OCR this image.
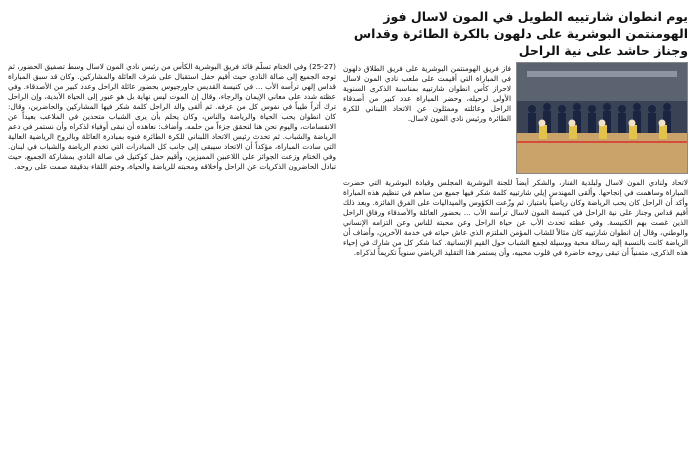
يوم انطوان شارتييه الطويل في المون لاسال فوز الهومنتمن البوشرية على دلهون بالكرة الطائرة وقداس وجناز حاشد على نية الراحل

فاز فريق الهومنتمن البوشرية على فريق الطلاق دلهون في المباراة التي أقيمت على ملعب نادي المون لاسال لاحراز كأس انطوان شارتييه بمناسبة الذكرى السنوية الأولى لرحيله، وحضر المباراة عدد كبير من أصدقاء الراحل وعائلته وممثلون عن الاتحاد اللبناني للكرة الطائرة ورئيس نادي المون لاسال.

لاتحاد ولنادي المون لاسال ولبلدية الفنار، والشكر أيضاً للجنة البوشرية المجلس وقيادة البوشرية التي حضرت المباراة وساهمت في إنجاحها. وألقى المهندس إيلي شارتييه كلمة شكر فيها جميع من ساهم في تنظيم هذه المباراة وأكد أن الراحل كان يحب الرياضة وكان رياضياً بامتياز، ثم وزّعت الكؤوس والميداليات على الفرق الفائزة. وبعد ذلك أقيم قداس وجناز على نية الراحل في كنيسة المون لاسال ترأسه الأب ... بحضور العائلة والأصدقاء ورفاق الراحل الذين غصت بهم الكنيسة. وفي عظته تحدث الأب عن حياة الراحل وعن محبته للناس وعن التزامه الإنساني والوطني، وقال إن انطوان شارتييه كان مثالاً للشاب المؤمن الملتزم الذي عاش حياته في خدمة الآخرين، وأضاف أن الرياضة كانت بالنسبة إليه رسالة محبة ووسيلة لجمع الشباب حول القيم الإنسانية. كما شكر كل من شارك في إحياء هذه الذكرى، متمنياً أن تبقى روحه حاضرة في قلوب محبيه، وأن يستمر هذا التقليد الرياضي سنوياً تكريماً لذكراه.

(25-27) وفي الختام تسلّم قائد فريق البوشرية الكأس من رئيس نادي المون لاسال وسط تصفيق الحضور، ثم توجه الجميع إلى صالة النادي حيث أقيم حفل استقبال على شرف العائلة والمشاركين. وكان قد سبق المباراة قداس إلهي ترأسه الأب ... في كنيسة القديس جاورجيوس بحضور عائلة الراحل وعدد كبير من الأصدقاء. وفي عظته شدد على معاني الإيمان والرجاء، وقال إن الموت ليس نهاية بل هو عبور إلى الحياة الأبدية، وإن الراحل ترك أثراً طيباً في نفوس كل من عرفه. ثم ألقى والد الراحل كلمة شكر فيها المشاركين والحاضرين، وقال: كان انطوان يحب الحياة والرياضة والناس، وكان يحلم بأن يرى الشباب متحدين في الملاعب بعيداً عن الانقسامات، واليوم نحن هنا لنحقق جزءاً من حلمه. وأضاف: نعاهده أن نبقى أوفياء لذكراه وأن نستمر في دعم الرياضة والشباب. ثم تحدث رئيس الاتحاد اللبناني للكرة الطائرة فنوه بمبادرة العائلة وبالروح الرياضية العالية التي سادت المباراة، مؤكداً أن الاتحاد سيبقى إلى جانب كل المبادرات التي تخدم الرياضة والشباب في لبنان. وفي الختام وزعت الجوائز على اللاعبين المميزين، وأقيم حفل كوكتيل في صالة النادي بمشاركة الجميع، حيث تبادل الحاضرون الذكريات عن الراحل وأخلاقه ومحبته للرياضة والحياة، وختم اللقاء بدقيقة صمت على روحه.
